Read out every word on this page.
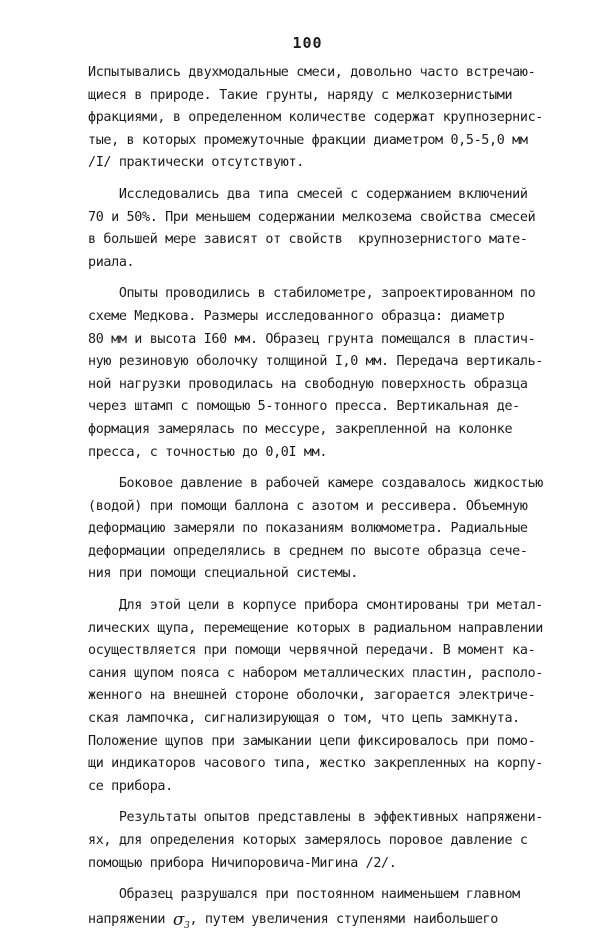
100
Испытывались двухмодальные смеси, довольно часто встречаю-
щиеся в природе. Такие грунты, наряду с мелкозернистыми
фракциями, в определенном количестве содержат крупнозернис-
тые, в которых промежуточные фракции диаметром 0,5-5,0 мм
/I/ практически отсутствуют.
Исследовались два типа смесей с содержанием включений
70 и 50%. При меньшем содержании мелкозема свойства смесей
в большей мере зависят от свойств  крупнозернистого мате-
риала.
Опыты проводились в стабилометре, запроектированном по
схеме Медкова. Размеры исследованного образца: диаметр
80 мм и высота I60 мм. Образец грунта помещался в пластич-
ную резиновую оболочку толщиной I,0 мм. Передача вертикаль-
ной нагрузки проводилась на свободную поверхность образца
через штамп с помощью 5-тонного пресса. Вертикальная де-
формация замерялась по мессуре, закрепленной на колонке
пресса, с точностью до 0,0I мм.
Боковое давление в рабочей камере создавалось жидкостью
(водой) при помощи баллона с азотом и рессивера. Объемную
деформацию замеряли по показаниям волюмометра. Радиальные
деформации определялись в среднем по высоте образца сече-
ния при помощи специальной системы.
Для этой цели в корпусе прибора смонтированы три метал-
лических щупа, перемещение которых в радиальном направлении
осуществляется при помощи червячной передачи. В момент ка-
сания щупом пояса с набором металлических пластин, располо-
женного на внешней стороне оболочки, загорается электриче-
ская лампочка, сигнализирующая о том, что цепь замкнута.
Положение щупов при замыкании цепи фиксировалось при помо-
щи индикаторов часового типа, жестко закрепленных на корпу-
се прибора.
Результаты опытов представлены в эффективных напряжени-
ях, для определения которых замерялось поровое давление с
помощью прибора Ничипоровича-Мигина /2/.
Образец разрушался при постоянном наименьшем главном
напряжении σ3, путем увеличения ступенями наибольшего
